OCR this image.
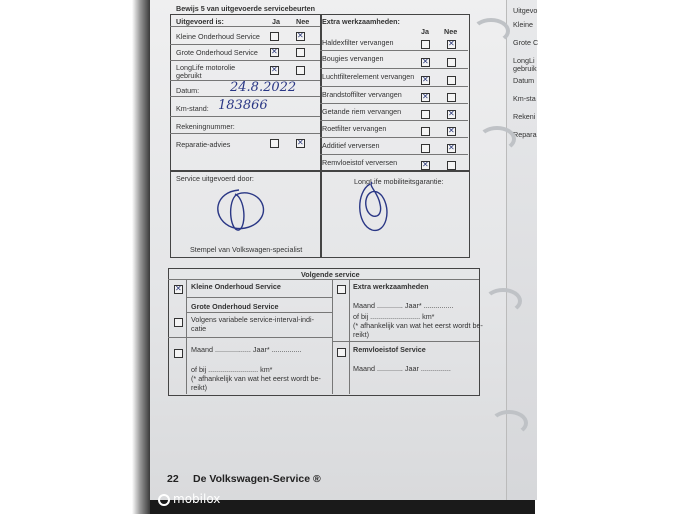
Uitgevo
Kleine
Grote C
LongLi
gebruik
Datum
Km-sta
Rekeni
Repara
Bewijs 5 van uitgevoerde servicebeurten
Uitgevoerd is:	Ja Nee Extra werkzaamheden:
Ja Nee
Kleine Onderhoud Service
✕
Grote Onderhoud Service
✕
LongLife motorolie
gebruikt
✕
Datum: 24.8.2022
Km-stand: 183866
Rekeningnummer:
Reparatie-advies
✕
Haldexfilter vervangen
✕
Bougies vervangen
✕
Luchtfilterelement vervangen
✕
Brandstoffilter vervangen
✕
Getande riem vervangen
✕
Roetfilter vervangen
✕
Additief verversen
✕
Remvloeistof verversen
✕
Service uitgevoerd door:	LongLife mobiliteitsgarantie:
Stempel van Volkswagen-specialist
Volgende service
✕
Kleine Onderhoud Service
Grote Onderhoud Service
Volgens variabele service-interval-indi-
catie
Maand .................. Jaar* ...............
of bij ......................... km*
(* afhankelijk van wat het eerst wordt be-
reikt)
Extra werkzaamheden
Maand ............. Jaar* ...............
of bij ......................... km*
(* afhankelijk van wat het eerst wordt be-
reikt)
Remvloeistof Service
Maand ............. Jaar ...............
22 De Volkswagen-Service ®
mobilox
